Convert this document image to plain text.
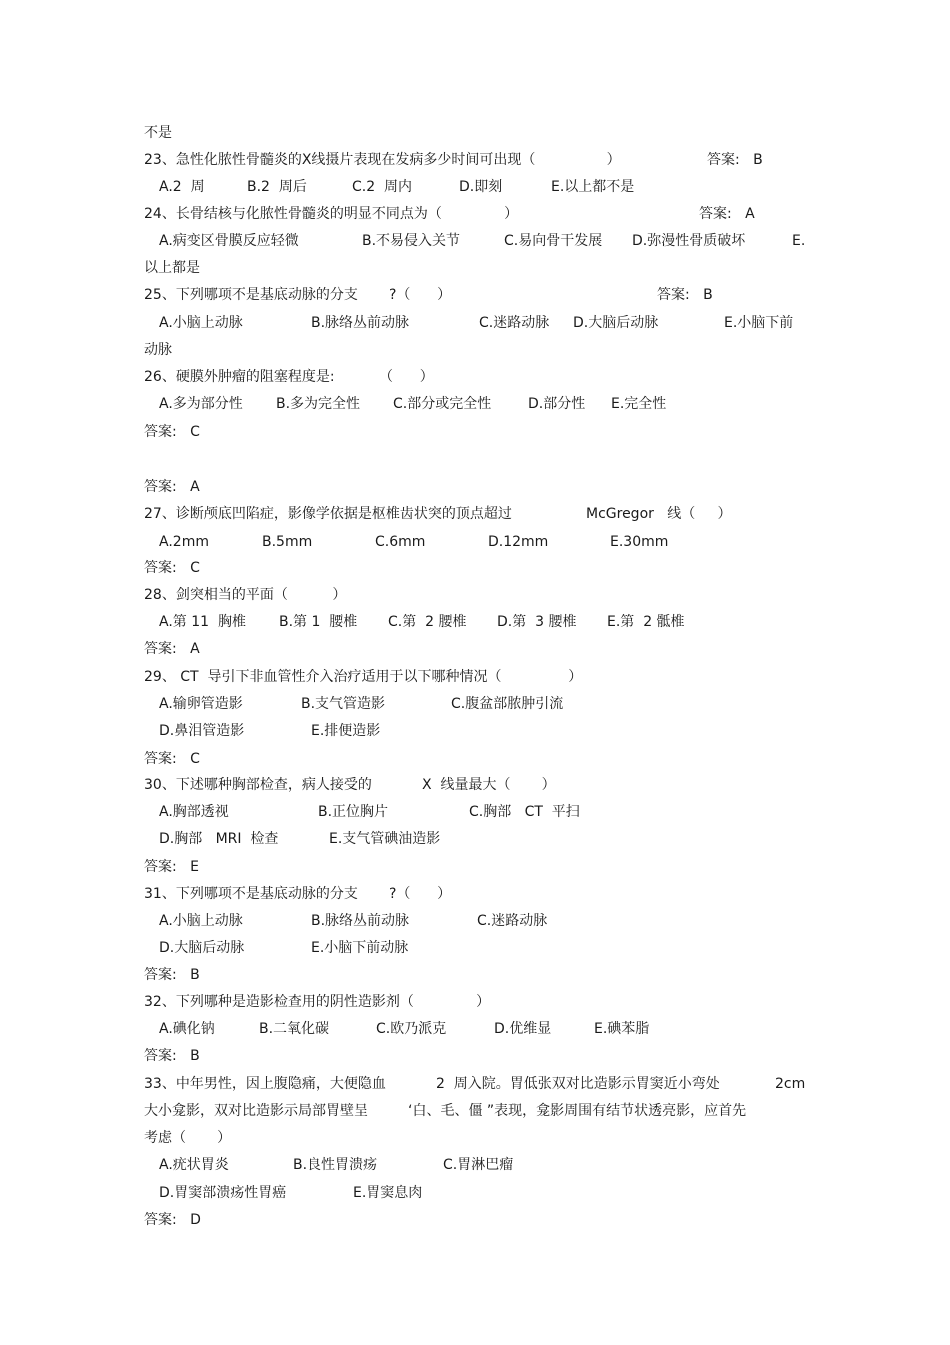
不是
23、急性化脓性骨髓炎的X线摄片表现在发病多少时间可出现（                ）	答案:   B
A.2  周	B.2  周后	C.2  周内	D.即刻	E.以上都不是
24、长骨结核与化脓性骨髓炎的明显不同点为（              ）	答案:   A
A.病变区骨膜反应轻微	B.不易侵入关节	C.易向骨干发展 D.弥漫性骨质破坏	E.
以上都是
25、下列哪项不是基底动脉的分支       ?（      ）	答案:   B
A.小脑上动脉	B.脉络丛前动脉	C.迷路动脉 D.大脑后动脉	E.小脑下前
动脉
26、硬膜外肿瘤的阻塞程度是:          （      ）
A.多为部分性 B.多为完全性 C.部分或完全性	D.部分性 E.完全性
答案:   C
答案:   A
27、诊断颅底凹陷症，影像学依据是枢椎齿状突的顶点超过	McGregor   线（     ）
A.2mm	B.5mm	C.6mm	D.12mm	E.30mm
答案:   C
28、剑突相当的平面（          ）
A.第 11  胸椎 B.第 1  腰椎 C.第  2 腰椎 D.第  3 腰椎 E.第  2 骶椎
答案:   A
29、 CT  导引下非血管性介入治疗适用于以下哪种情况（               ）
A.输卵管造影	B.支气管造影	C.腹盆部脓肿引流
D.鼻泪管造影	E.排便造影
答案:   C
30、下述哪种胸部检查，病人接受的	X  线量最大（       ）
A.胸部透视	B.正位胸片	C.胸部   CT  平扫
D.胸部   MRI  检查	E.支气管碘油造影
答案:   E
31、下列哪项不是基底动脉的分支       ?（      ）
A.小脑上动脉	B.脉络丛前动脉	C.迷路动脉
D.大脑后动脉	E.小脑下前动脉
答案:   B
32、下列哪种是造影检查用的阴性造影剂（              ）
A.碘化钠	B.二氧化碳	C.欧乃派克	D.优维显	E.碘苯脂
答案:   B
33、中年男性，因上腹隐痛，大便隐血	2  周入院。胃低张双对比造影示胃窦近小弯处	2cm
大小龛影，双对比造影示局部胃壁呈	‘白、毛、僵 ”表现，龛影周围有结节状透亮影，应首先
考虑（       ）
A.疣状胃炎	B.良性胃溃疡	C.胃淋巴瘤
D.胃窦部溃疡性胃癌	E.胃窦息肉
答案:   D
